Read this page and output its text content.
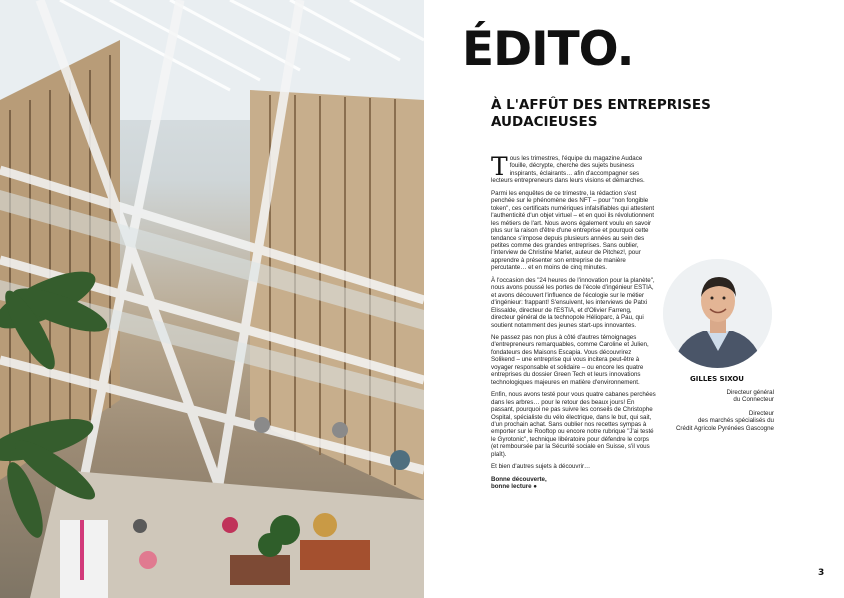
ÉDITO.
À L'AFFÛT DES ENTREPRISES AUDACIEUSES

Tous les trimestres, l'équipe du magazine Audace fouille, décrypte, cherche des sujets business inspirants, éclairants… afin d'accompagner ses lecteurs entrepreneurs dans leurs visions et démarches.

Parmi les enquêtes de ce trimestre, la rédaction s'est penchée sur le phénomène des NFT – pour "non fongible token", ces certificats numériques infalsifiables qui attestent l'authenticité d'un objet virtuel – et en quoi ils révolutionnent les métiers de l'art. Nous avons également voulu en savoir plus sur la raison d'être d'une entreprise et pourquoi cette tendance s'impose depuis plusieurs années au sein des petites comme des grandes entreprises. Sans oublier, l'interview de Christine Marlet, auteur de Pitchez!, pour apprendre à présenter son entreprise de manière percutante… et en moins de cinq minutes.

À l'occasion des "24 heures de l'innovation pour la planète", nous avons poussé les portes de l'école d'ingénieur ESTIA, et avons découvert l'influence de l'écologie sur le métier d'ingénieur: frappant! S'ensuivent, les interviews de Patxi Elissalde, directeur de l'ESTIA, et d'Olivier Farreng, directeur général de la technopole Hélioparc, à Pau, qui soutient notamment des jeunes start-ups innovantes.

Ne passez pas non plus à côté d'autres témoignages d'entrepreneurs remarquables, comme Caroline et Julien, fondateurs des Maisons Escapia. Vous découvrirez Solikend – une entreprise qui vous incitera peut-être à voyager responsable et solidaire – ou encore les quatre entreprises du dossier Green Tech et leurs innovations technologiques majeures en matière d'environnement.

Enfin, nous avons testé pour vous quatre cabanes perchées dans les arbres… pour le retour des beaux jours! En passant, pourquoi ne pas suivre les conseils de Christophe Ospital, spécialiste du vélo électrique, dans le but, qui sait, d'un prochain achat. Sans oublier nos recettes sympas à emporter sur le Rooftop ou encore notre rubrique "J'ai testé le Gyrotonic", technique libératoire pour défendre le corps (et remboursée par la Sécurité sociale en Suisse, s'il vous plaît).

Et bien d'autres sujets à découvrir…

Bonne découverte,
bonne lecture ●

GILLES SIXOU
Directeur général
du Connecteur
Directeur
des marchés spécialisés du
Crédit Agricole Pyrénées Gascogne
3
